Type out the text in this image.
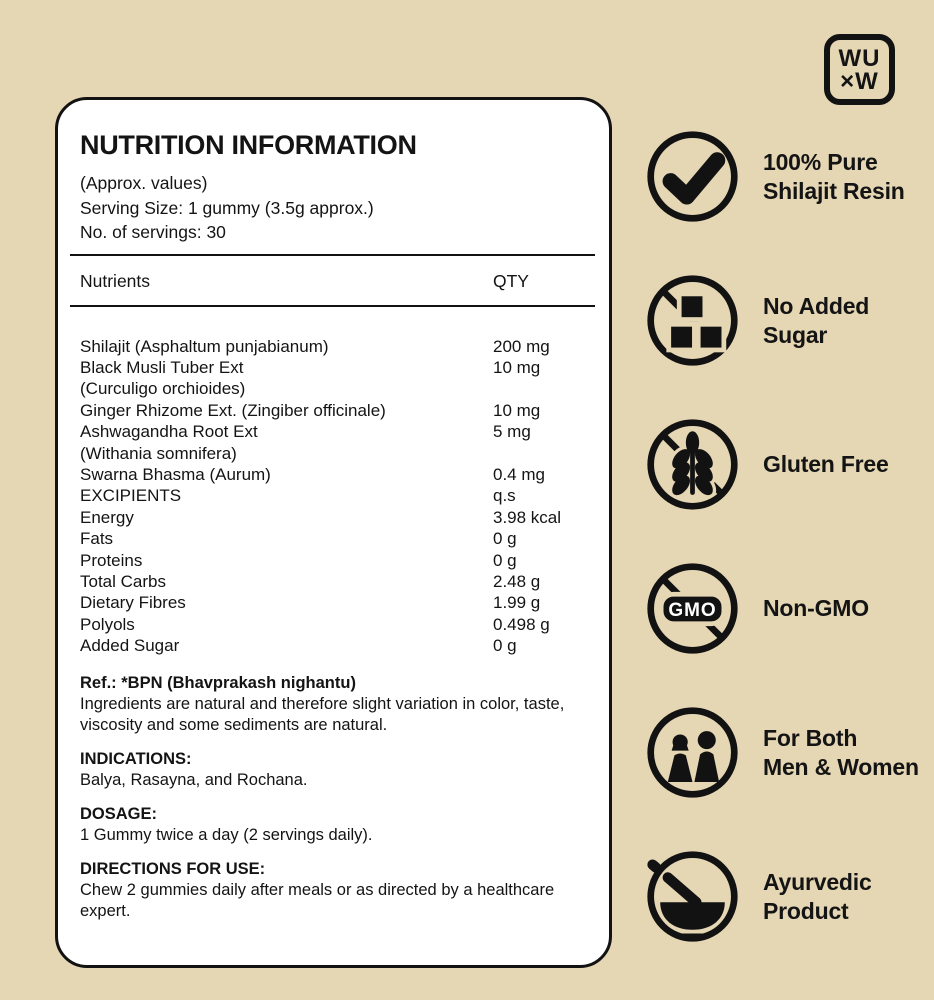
WU
×W
NUTRITION INFORMATION
(Approx. values)
Serving Size: 1 gummy (3.5g approx.)
No. of servings: 30
Nutrients	QTY
Shilajit (Asphaltum punjabianum)	200 mg
Black Musli Tuber Ext	10 mg
(Curculigo orchioides)
Ginger Rhizome Ext. (Zingiber officinale)	10 mg
Ashwagandha Root Ext	5 mg
(Withania somnifera)
Swarna Bhasma (Aurum)	0.4 mg
EXCIPIENTS	q.s
Energy	3.98 kcal
Fats	0 g
Proteins	0 g
Total Carbs	2.48 g
Dietary Fibres	1.99 g
Polyols	0.498 g
Added Sugar	0 g
Ref.: *BPN (Bhavprakash nighantu)
Ingredients are natural and therefore slight variation in color, taste, viscosity and some sediments are natural.
INDICATIONS:
Balya, Rasayna, and Rochana.
DOSAGE:
1 Gummy twice a day (2 servings daily).
DIRECTIONS FOR USE:
Chew 2 gummies daily after meals or as directed by a healthcare expert.
100% Pure
Shilajit Resin
No Added
Sugar
Gluten Free
GMO Non-GMO
For Both
Men & Women
Ayurvedic
Product
